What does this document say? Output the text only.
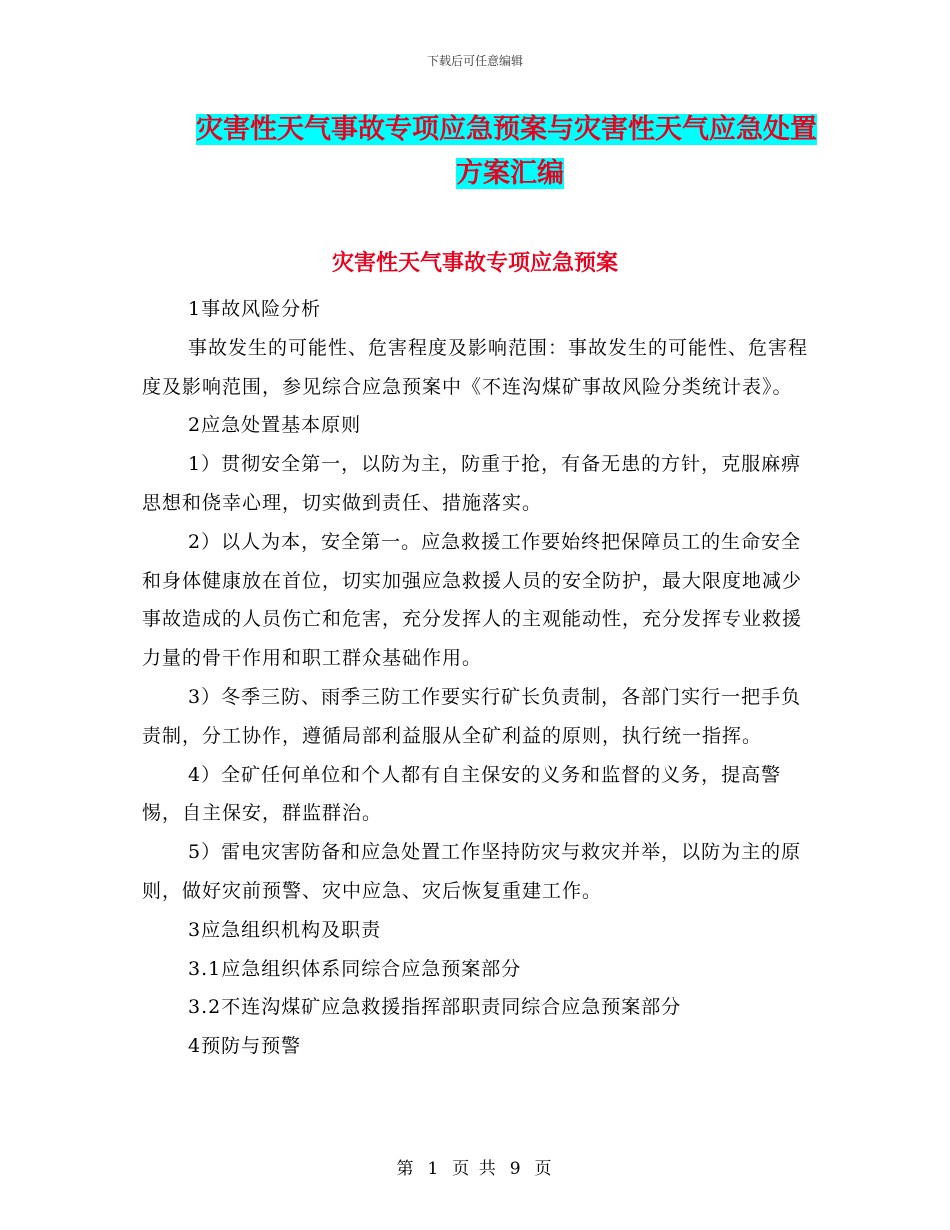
下载后可任意编辑
灾害性天气事故专项应急预案与灾害性天气应急处置
方案汇编
灾害性天气事故专项应急预案

1事故风险分析

事故发生的可能性、危害程度及影响范围：事故发生的可能性、危害程度及影响范围，参见综合应急预案中《不连沟煤矿事故风险分类统计表》。

2应急处置基本原则

1）贯彻安全第一，以防为主，防重于抢，有备无患的方针，克服麻痹思想和侥幸心理，切实做到责任、措施落实。

2）以人为本，安全第一。应急救援工作要始终把保障员工的生命安全和身体健康放在首位，切实加强应急救援人员的安全防护，最大限度地减少事故造成的人员伤亡和危害，充分发挥人的主观能动性，充分发挥专业救援力量的骨干作用和职工群众基础作用。

3）冬季三防、雨季三防工作要实行矿长负责制，各部门实行一把手负责制，分工协作，遵循局部利益服从全矿利益的原则，执行统一指挥。

4）全矿任何单位和个人都有自主保安的义务和监督的义务，提高警惕，自主保安，群监群治。

5）雷电灾害防备和应急处置工作坚持防灾与救灾并举，以防为主的原则，做好灾前预警、灾中应急、灾后恢复重建工作。

3应急组织机构及职责

3.1应急组织体系同综合应急预案部分

3.2不连沟煤矿应急救援指挥部职责同综合应急预案部分

4预防与预警

第 1 页 共 9 页
